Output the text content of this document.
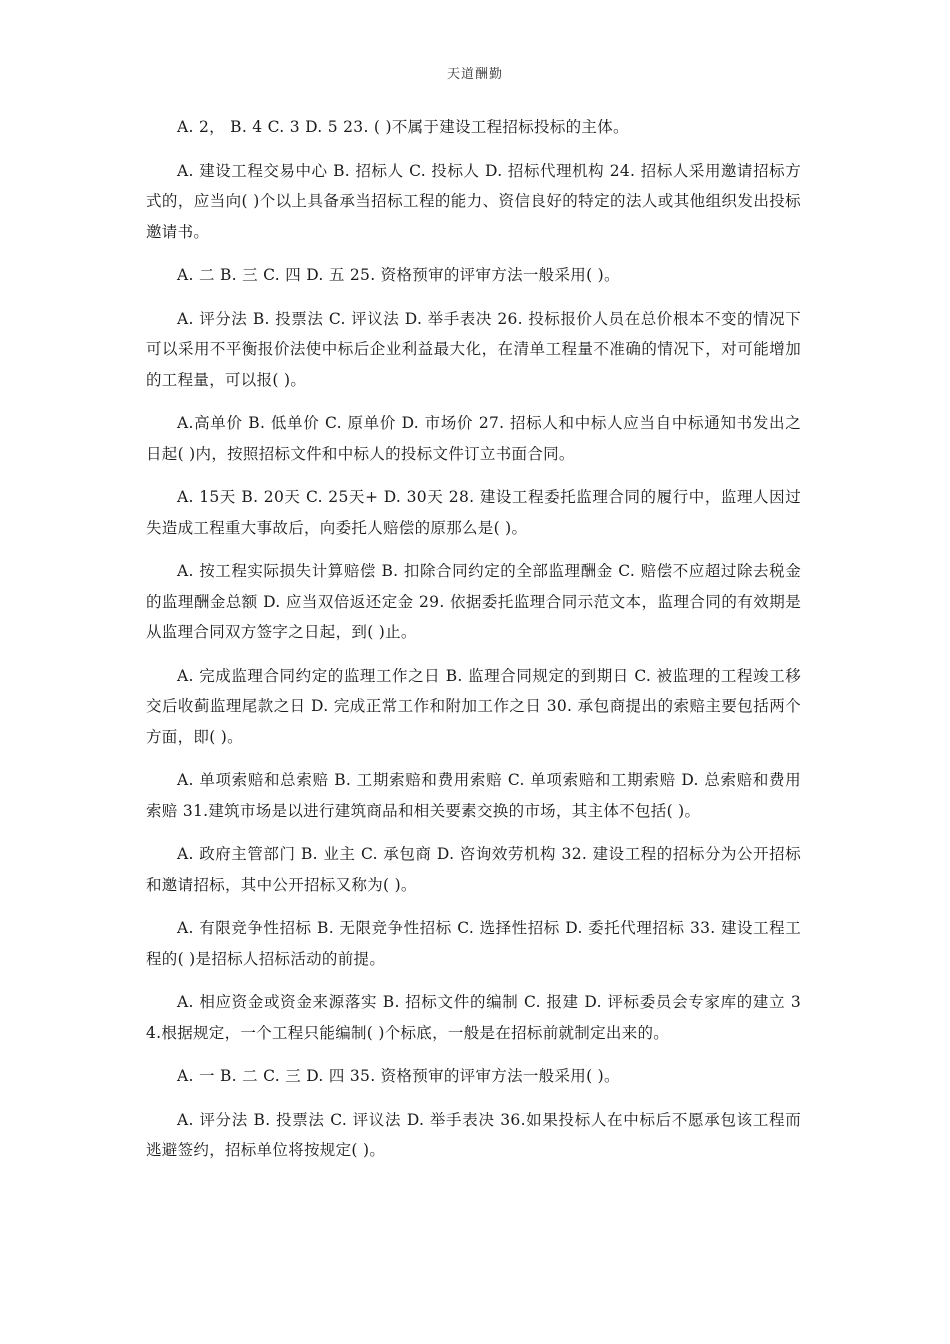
天道酬勤

A. 2， B. 4 C. 3 D. 5 23. ( )不属于建设工程招标投标的主体。

A. 建设工程交易中心 B. 招标人 C. 投标人 D. 招标代理机构 24. 招标人采用邀请招标方式的，应当向( )个以上具备承当招标工程的能力、资信良好的特定的法人或其他组织发出投标邀请书。

A. 二 B. 三 C. 四 D. 五 25. 资格预审的评审方法一般采用( )。

A. 评分法 B. 投票法 C. 评议法 D. 举手表决 26. 投标报价人员在总价根本不变的情况下可以采用不平衡报价法使中标后企业利益最大化，在清单工程量不准确的情况下，对可能增加的工程量，可以报( )。

A.高单价 B. 低单价 C. 原单价 D. 市场价 27. 招标人和中标人应当自中标通知书发出之日起( )内，按照招标文件和中标人的投标文件订立书面合同。

A. 15天 B. 20天 C. 25天+ D. 30天 28. 建设工程委托监理合同的履行中，监理人因过失造成工程重大事故后，向委托人赔偿的原那么是( )。

A. 按工程实际损失计算赔偿 B. 扣除合同约定的全部监理酬金 C. 赔偿不应超过除去税金的监理酬金总额 D. 应当双倍返还定金 29. 依据委托监理合同示范文本，监理合同的有效期是从监理合同双方签字之日起，到( )止。

A. 完成监理合同约定的监理工作之日 B. 监理合同规定的到期日 C. 被监理的工程竣工移交后收蓟监理尾款之日 D. 完成正常工作和附加工作之日 30. 承包商提出的索赔主要包括两个方面，即( )。

A. 单项索赔和总索赔 B. 工期索赔和费用索赔 C. 单项索赔和工期索赔 D. 总索赔和费用索赔 31.建筑市场是以进行建筑商品和相关要素交换的市场，其主体不包括( )。

A. 政府主管部门 B. 业主 C. 承包商 D. 咨询效劳机构 32. 建设工程的招标分为公开招标和邀请招标，其中公开招标又称为( )。

A. 有限竞争性招标 B. 无限竞争性招标 C. 选择性招标 D. 委托代理招标 33. 建设工程工程的( )是招标人招标活动的前提。

A. 相应资金或资金来源落实 B. 招标文件的编制 C. 报建 D. 评标委员会专家库的建立 34.根据规定，一个工程只能编制( )个标底，一般是在招标前就制定出来的。

A. 一 B. 二 C. 三 D. 四 35. 资格预审的评审方法一般采用( )。

A. 评分法 B. 投票法 C. 评议法 D. 举手表决 36.如果投标人在中标后不愿承包该工程而逃避签约，招标单位将按规定( )。
